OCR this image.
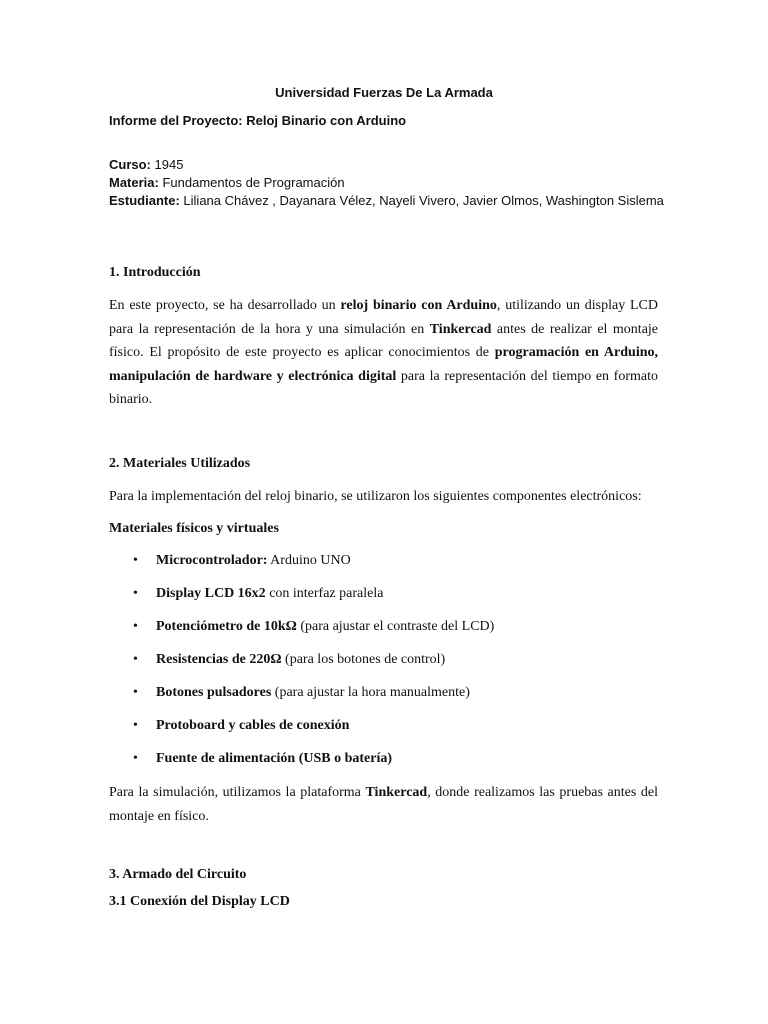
Universidad Fuerzas De La Armada
Informe del Proyecto: Reloj Binario con Arduino
Curso: 1945
Materia: Fundamentos de Programación
Estudiante: Liliana Chávez , Dayanara Vélez, Nayeli Vivero, Javier Olmos, Washington Sislema
1. Introducción
En este proyecto, se ha desarrollado un reloj binario con Arduino, utilizando un display LCD para la representación de la hora y una simulación en Tinkercad antes de realizar el montaje físico. El propósito de este proyecto es aplicar conocimientos de programación en Arduino, manipulación de hardware y electrónica digital para la representación del tiempo en formato binario.
2. Materiales Utilizados
Para la implementación del reloj binario, se utilizaron los siguientes componentes electrónicos:
Materiales físicos y virtuales
• Microcontrolador: Arduino UNO
• Display LCD 16x2 con interfaz paralela
• Potenciómetro de 10kΩ (para ajustar el contraste del LCD)
• Resistencias de 220Ω (para los botones de control)
• Botones pulsadores (para ajustar la hora manualmente)
• Protoboard y cables de conexión
• Fuente de alimentación (USB o batería)
Para la simulación, utilizamos la plataforma Tinkercad, donde realizamos las pruebas antes del montaje en físico.
3. Armado del Circuito
3.1 Conexión del Display LCD
